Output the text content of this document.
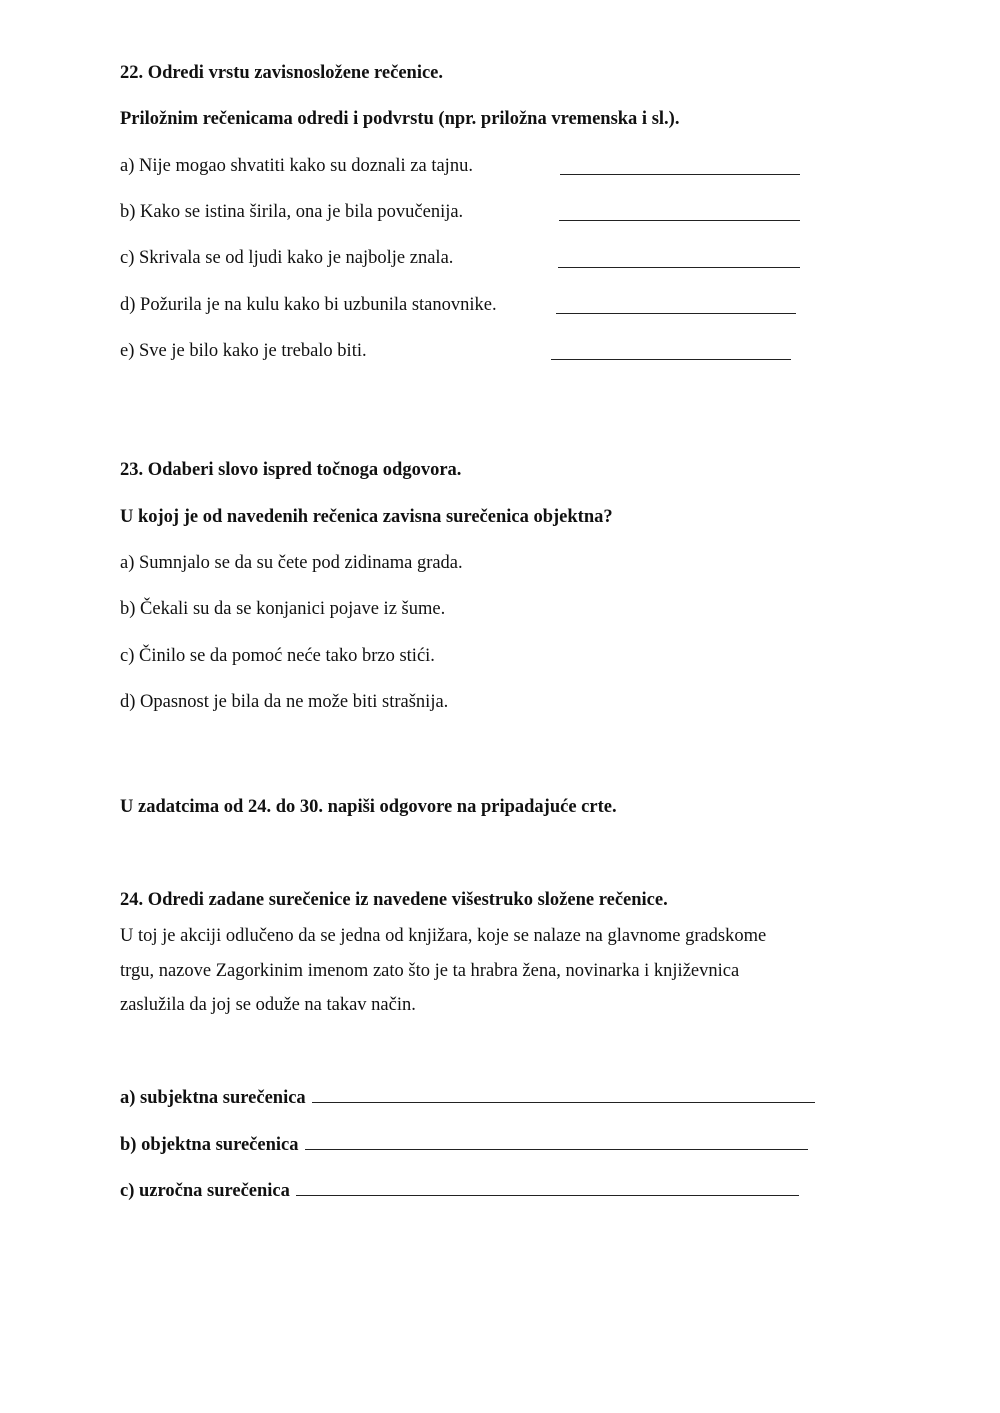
22. Odredi vrstu zavisnosložene rečenice.
Priložnim rečenicama odredi i podvrstu (npr. priložna vremenska i sl.).
a) Nije mogao shvatiti kako su doznali za tajnu.
b) Kako se istina širila, ona je bila povučenija.
c) Skrivala se od ljudi kako je najbolje znala.
d) Požurila je na kulu kako bi uzbunila stanovnike.
e) Sve je bilo kako je trebalo biti.
23. Odaberi slovo ispred točnoga odgovora.
U kojoj je od navedenih rečenica zavisna surečenica objektna?
a) Sumnjalo se da su čete pod zidinama grada.
b) Čekali su da se konjanici pojave iz šume.
c) Činilo se da pomoć neće tako brzo stići.
d) Opasnost je bila da ne može biti strašnija.
U zadatcima od 24. do 30. napiši odgovore na pripadajuće crte.
24. Odredi zadane surečenice iz navedene višestruko složene rečenice.
U toj je akciji odlučeno da se jedna od knjižara, koje se nalaze na glavnome gradskome
trgu, nazove Zagorkinim imenom zato što je ta hrabra žena, novinarka i književnica
zaslužila da joj se oduže na takav način.
a) subjektna surečenica
b) objektna surečenica
c) uzročna surečenica
